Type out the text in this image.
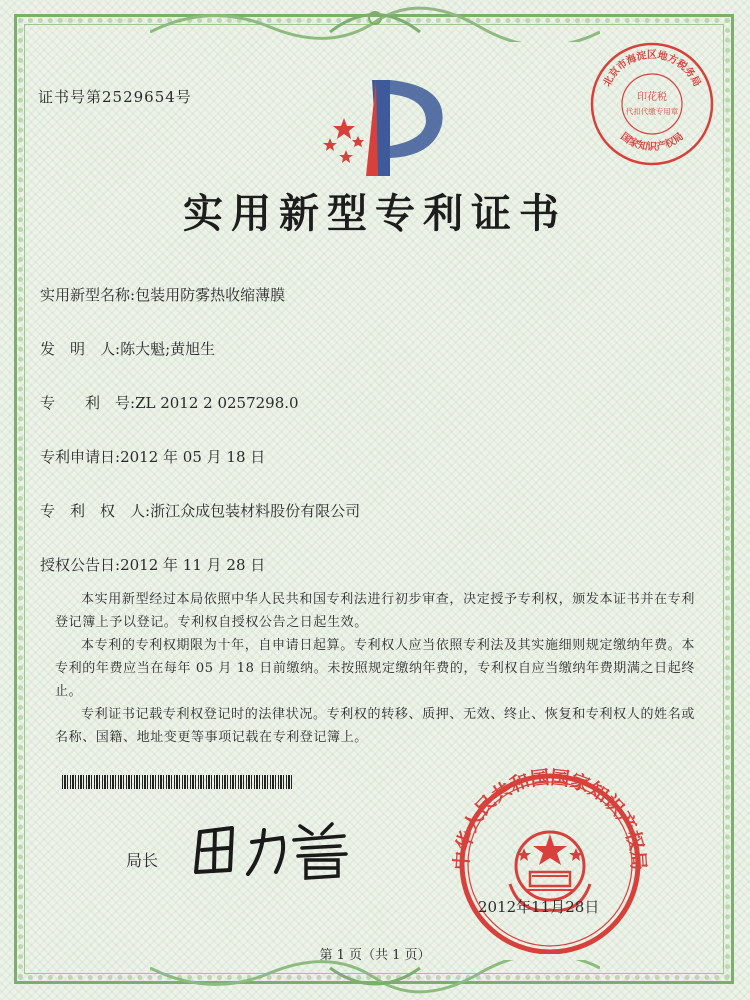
证书号第2529654号
北京市海淀区地方税务局
国家知识产权局
印花税
代扣代缴专用章
实用新型专利证书
实用新型名称:包装用防雾热收缩薄膜
发　明　人:陈大魁;黄旭生
专　　利　号:ZL 2012 2 0257298.0
专利申请日:2012 年 05 月 18 日
专　利　权　人:浙江众成包装材料股份有限公司
授权公告日:2012 年 11 月 28 日

本实用新型经过本局依照中华人民共和国专利法进行初步审查，决定授予专利权，颁发本证书并在专利登记簿上予以登记。专利权自授权公告之日起生效。

本专利的专利权期限为十年，自申请日起算。专利权人应当依照专利法及其实施细则规定缴纳年费。本专利的年费应当在每年 05 月 18 日前缴纳。未按照规定缴纳年费的，专利权自应当缴纳年费期满之日起终止。

专利证书记载专利权登记时的法律状况。专利权的转移、质押、无效、终止、恢复和专利权人的姓名或名称、国籍、地址变更等事项记载在专利登记簿上。

局长	中华人民共和国国家知识产权局
2012年11月28日
第 1 页（共 1 页）
